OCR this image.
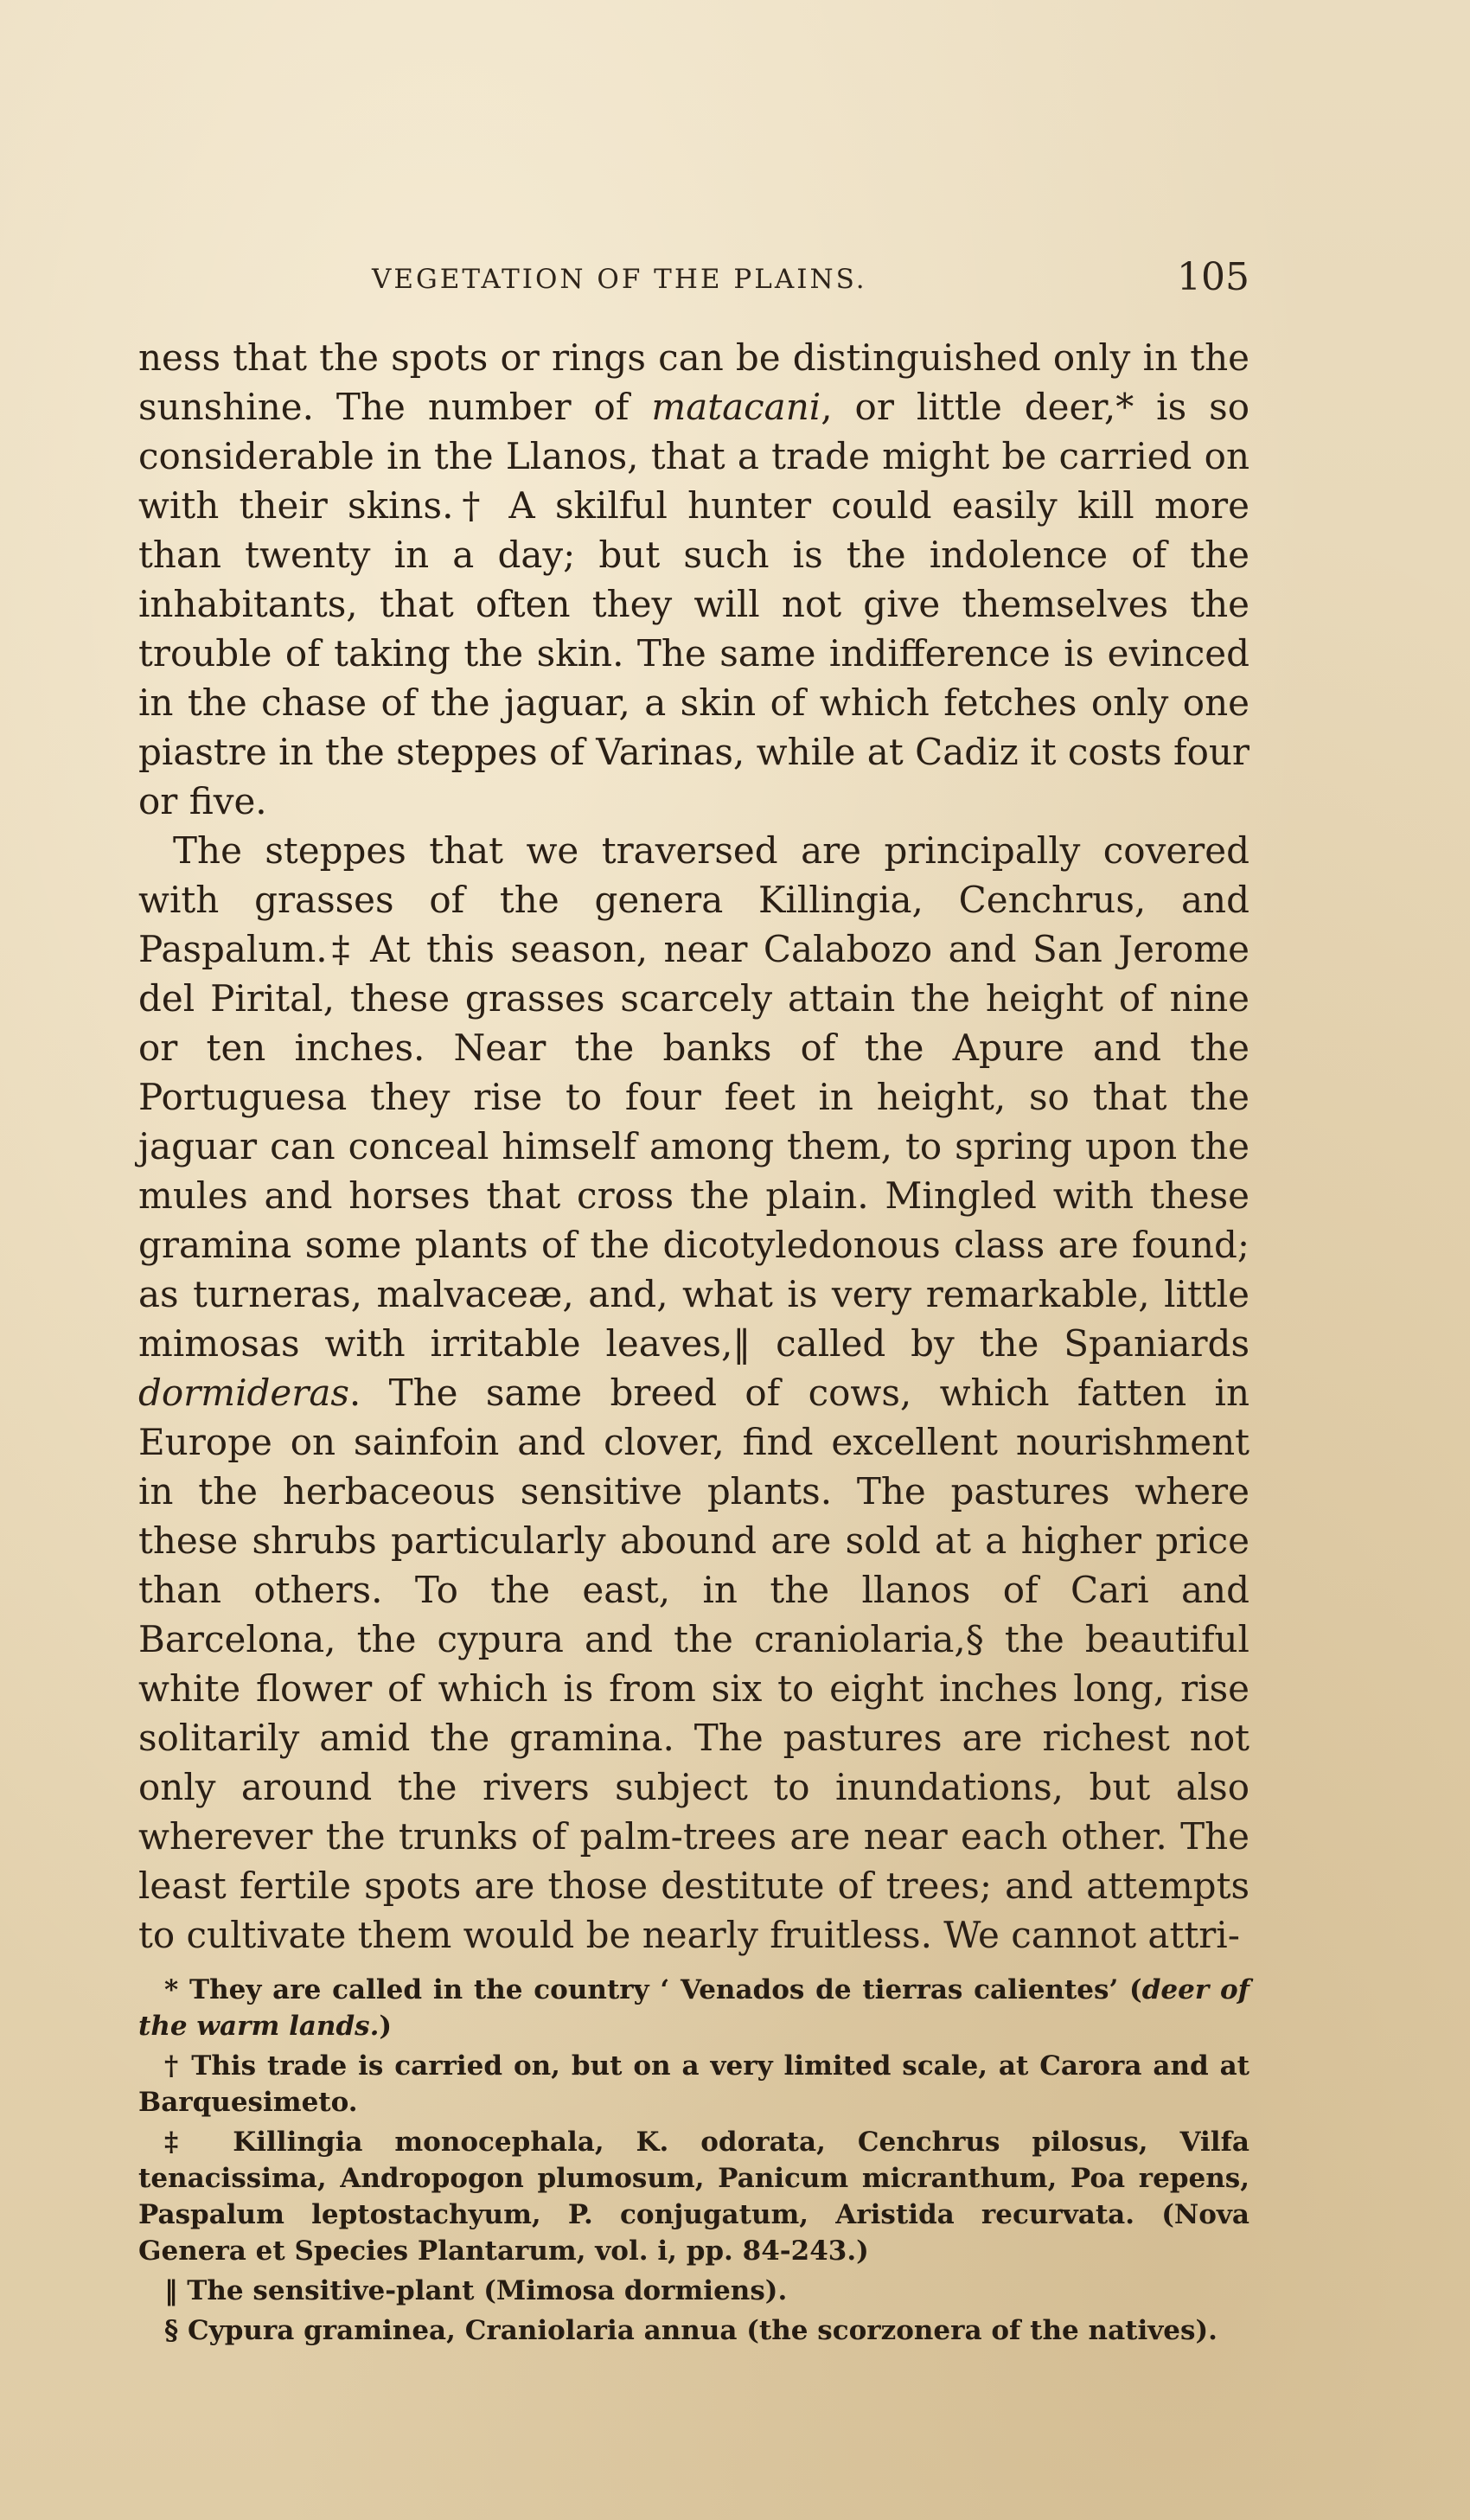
VEGETATION OF THE PLAINS.	105

ness that the spots or rings can be distinguished only in the sunshine. The number of matacani, or little deer,* is so considerable in the Llanos, that a trade might be carried on with their skins.† A skilful hunter could easily kill more than twenty in a day; but such is the indolence of the inhabitants, that often they will not give themselves the trouble of taking the skin. The same indifference is evinced in the chase of the jaguar, a skin of which fetches only one piastre in the steppes of Varinas, while at Cadiz it costs four or five.

The steppes that we traversed are principally covered with grasses of the genera Killingia, Cenchrus, and Paspalum.‡ At this season, near Calabozo and San Jerome del Pirital, these grasses scarcely attain the height of nine or ten inches. Near the banks of the Apure and the Portuguesa they rise to four feet in height, so that the jaguar can conceal himself among them, to spring upon the mules and horses that cross the plain. Mingled with these gramina some plants of the dicotyledonous class are found; as turneras, malvaceæ, and, what is very remarkable, little mimosas with irritable leaves,‖ called by the Spaniards dormideras. The same breed of cows, which fatten in Europe on sainfoin and clover, find excellent nourishment in the herbaceous sensitive plants. The pastures where these shrubs particularly abound are sold at a higher price than others. To the east, in the llanos of Cari and Barcelona, the cypura and the craniolaria,§ the beautiful white flower of which is from six to eight inches long, rise solitarily amid the gramina. The pastures are richest not only around the rivers subject to inundations, but also wherever the trunks of palm-trees are near each other. The least fertile spots are those destitute of trees; and attempts to cultivate them would be nearly fruitless. We cannot attri-

* They are called in the country ‘ Venados de tierras calientes’ (deer of the warm lands.)

† This trade is carried on, but on a very limited scale, at Carora and at Barquesimeto.

‡ Killingia monocephala, K. odorata, Cenchrus pilosus, Vilfa tenacissima, Andropogon plumosum, Panicum micranthum, Poa repens, Paspalum leptostachyum, P. conjugatum, Aristida recurvata. (Nova Genera et Species Plantarum, vol. i, pp. 84-243.)

‖ The sensitive-plant (Mimosa dormiens).

§ Cypura graminea, Craniolaria annua (the scorzonera of the natives).
